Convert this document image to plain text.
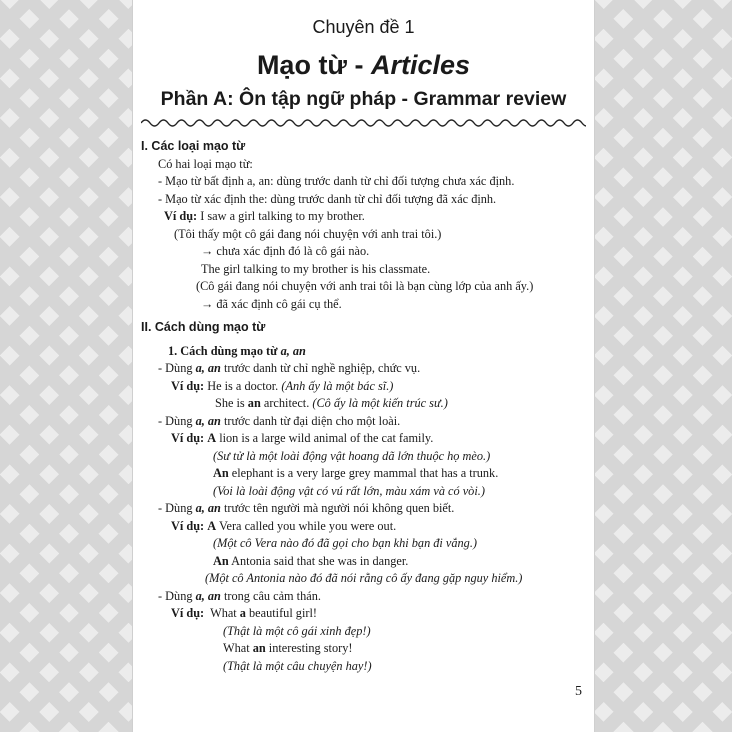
Chuyên đề 1
Mạo từ - Articles
Phần A: Ôn tập ngữ pháp - Grammar review
I. Các loại mạo từ
Có hai loại mạo từ:
- Mạo từ bất định a, an: dùng trước danh từ chỉ đối tượng chưa xác định.
- Mạo từ xác định the: dùng trước danh từ chỉ đối tượng đã xác định.
Ví dụ: I saw a girl talking to my brother.
(Tôi thấy một cô gái đang nói chuyện với anh trai tôi.)
→ chưa xác định đó là cô gái nào.
The girl talking to my brother is his classmate.
(Cô gái đang nói chuyện với anh trai tôi là bạn cùng lớp của anh ấy.)
→ đã xác định cô gái cụ thể.
II. Cách dùng mạo từ
1. Cách dùng mạo từ a, an
- Dùng a, an trước danh từ chỉ nghề nghiệp, chức vụ.
Ví dụ: He is a doctor. (Anh ấy là một bác sĩ.)
She is an architect. (Cô ấy là một kiến trúc sư.)
- Dùng a, an trước danh từ đại diện cho một loài.
Ví dụ: A lion is a large wild animal of the cat family.
(Sư tử là một loài động vật hoang dã lớn thuộc họ mèo.)
An elephant is a very large grey mammal that has a trunk.
(Voi là loài động vật có vú rất lớn, màu xám và có vòi.)
- Dùng a, an trước tên người mà người nói không quen biết.
Ví dụ: A Vera called you while you were out.
(Một cô Vera nào đó đã gọi cho bạn khi bạn đi vắng.)
An Antonia said that she was in danger.
(Một cô Antonia nào đó đã nói rằng cô ấy đang gặp nguy hiểm.)
- Dùng a, an trong câu cảm thán.
Ví dụ:  What a beautiful girl!
(Thật là một cô gái xinh đẹp!)
What an interesting story!
(Thật là một câu chuyện hay!)
5
